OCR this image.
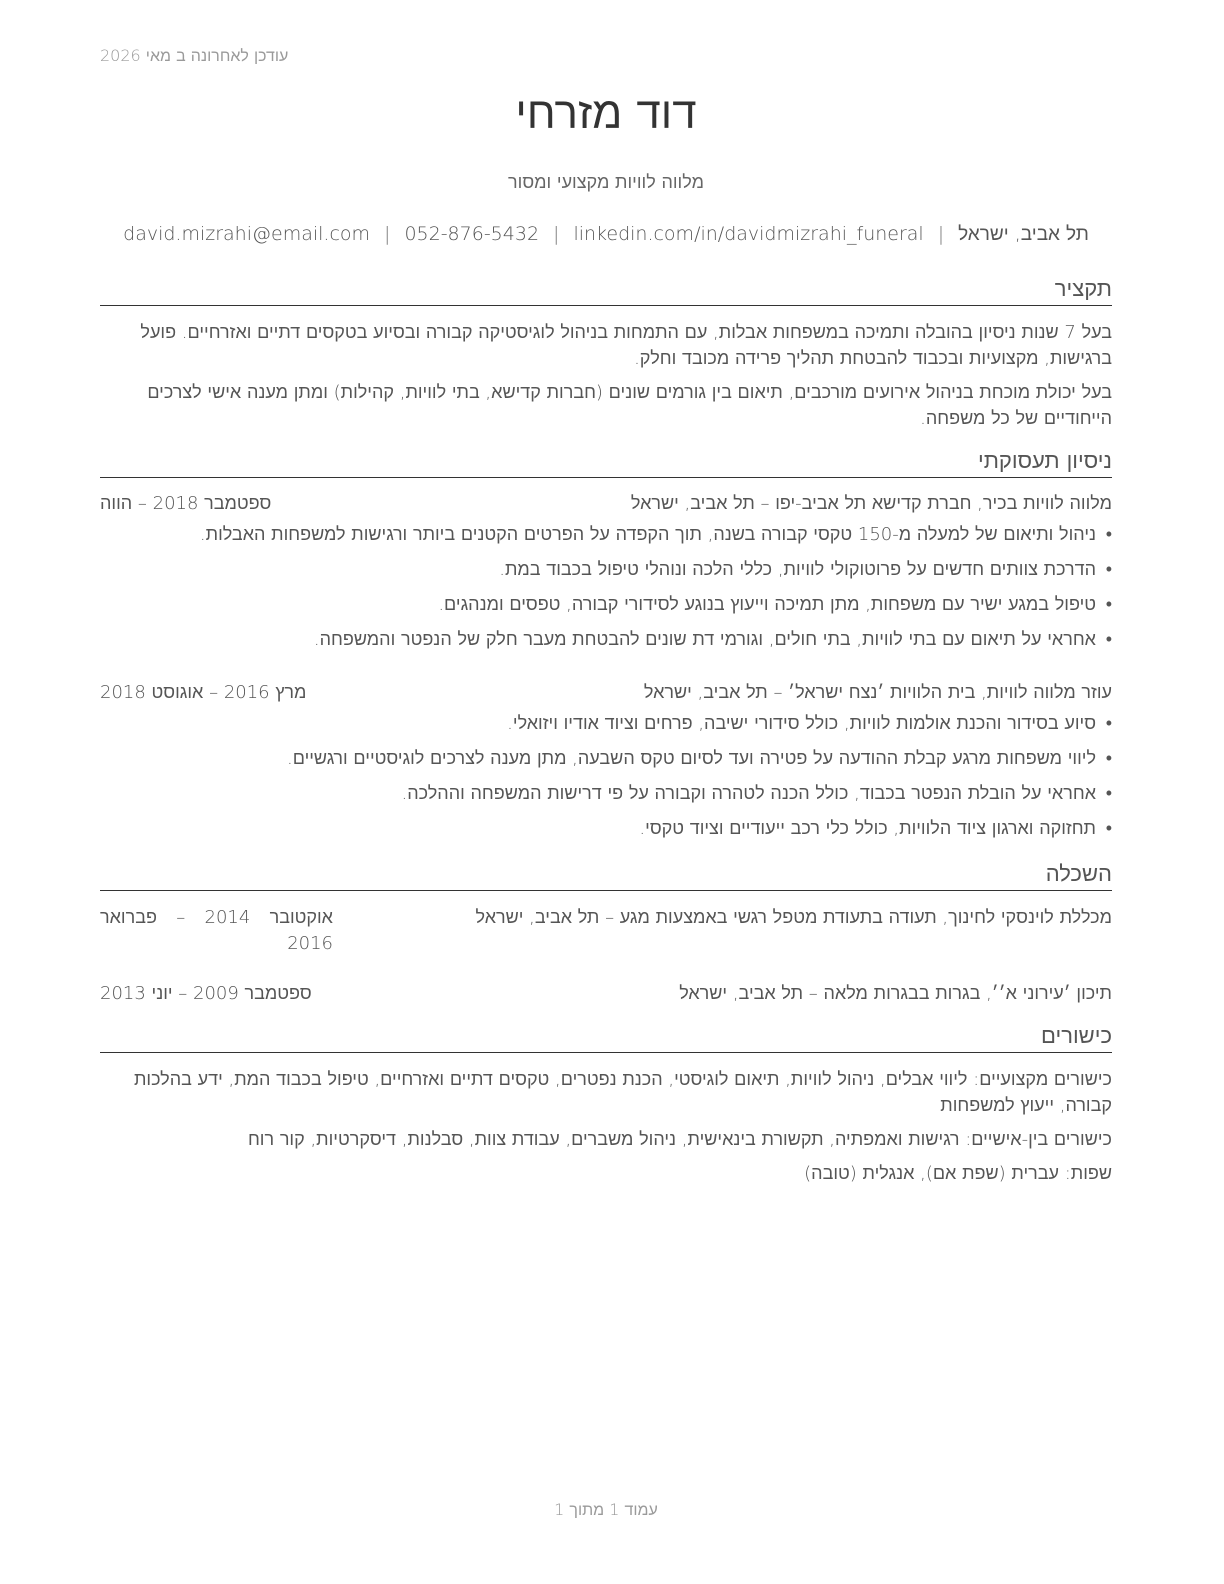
עודכן לאחרונה ב מאי 2026
דוד מזרחי
מלווה לוויות מקצועי ומסור
תל אביב, ישראל|david.mizrahi@email.com | 052-876-5432 | linkedin.com/in/davidmizrahi_funeral
תקציר
בעל 7 שנות ניסיון בהובלה ותמיכה במשפחות אבלות, עם התמחות בניהול לוגיסטיקה קבורה ובסיוע בטקסים דתיים ואזרחיים. פועל ברגישות, מקצועיות ובכבוד להבטחת תהליך פרידה מכובד וחלק.
בעל יכולת מוכחת בניהול אירועים מורכבים, תיאום בין גורמים שונים (חברות קדישא, בתי לוויות, קהילות) ומתן מענה אישי לצרכים הייחודיים של כל משפחה.
ניסיון תעסוקתי
מלווה לוויות בכיר, חברת קדישא תל אביב-יפו – תל אביב, ישראל
ספטמבר 2018 – הווה
•
ניהול ותיאום של למעלה מ-150 טקסי קבורה בשנה, תוך הקפדה על הפרטים הקטנים ביותר ורגישות למשפחות האבלות.
•
הדרכת צוותים חדשים על פרוטוקולי לוויות, כללי הלכה ונוהלי טיפול בכבוד במת.
•
טיפול במגע ישיר עם משפחות, מתן תמיכה וייעוץ בנוגע לסידורי קבורה, טפסים ומנהגים.
•
אחראי על תיאום עם בתי לוויות, בתי חולים, וגורמי דת שונים להבטחת מעבר חלק של הנפטר והמשפחה.
עוזר מלווה לוויות, בית הלוויות ׳נצח ישראל׳ – תל אביב, ישראל
מרץ 2016 – אוגוסט 2018
•
סיוע בסידור והכנת אולמות לוויות, כולל סידורי ישיבה, פרחים וציוד אודיו ויזואלי.
•
ליווי משפחות מרגע קבלת ההודעה על פטירה ועד לסיום טקס השבעה, מתן מענה לצרכים לוגיסטיים ורגשיים.
•
אחראי על הובלת הנפטר בכבוד, כולל הכנה לטהרה וקבורה על פי דרישות המשפחה וההלכה.
•
תחזוקה וארגון ציוד הלוויות, כולל כלי רכב ייעודיים וציוד טקסי.
השכלה
מכללת לוינסקי לחינוך, תעודה בתעודת מטפל רגשי באמצעות מגע – תל אביב, ישראל
אוקטובר 2014 – פברואר 2016
תיכון ׳עירוני א׳׳, בגרות בבגרות מלאה – תל אביב, ישראל
ספטמבר 2009 – יוני 2013
כישורים
כישורים מקצועיים: ליווי אבלים, ניהול לוויות, תיאום לוגיסטי, הכנת נפטרים, טקסים דתיים ואזרחיים, טיפול בכבוד המת, ידע בהלכות קבורה, ייעוץ למשפחות
כישורים בין-אישיים: רגישות ואמפתיה, תקשורת בינאישית, ניהול משברים, עבודת צוות, סבלנות, דיסקרטיות, קור רוח
שפות: עברית (שפת אם), אנגלית (טובה)
עמוד 1 מתוך 1
